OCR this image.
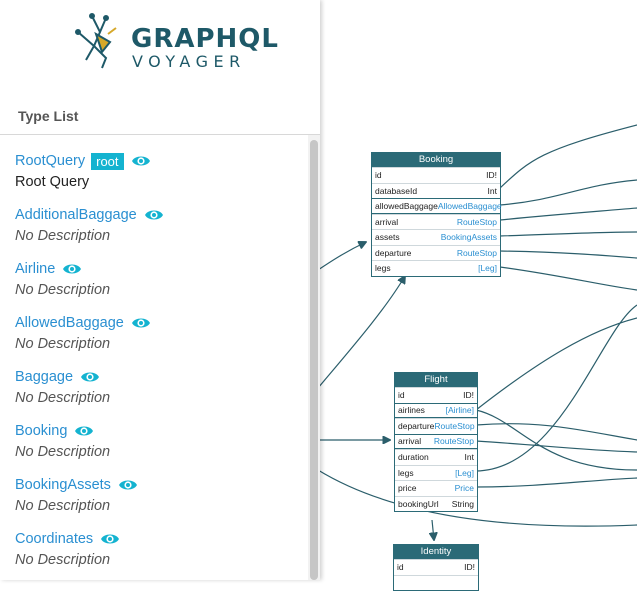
Booking
id	ID!
databaseId	Int
allowedBaggage AllowedBaggage
arrival	RouteStop
assets	BookingAssets
departure	RouteStop
legs	[Leg]
Flight
id	ID!
airlines [Airline]
departure RouteStop
arrival RouteStop
duration	Int
legs	[Leg]
price	Price
bookingUrl String
Identity
id	ID!
GRAPHQL
VOYAGER
Type List
RootQuery root
Root Query
AdditionalBaggage
No Description
Airline
No Description
AllowedBaggage
No Description
Baggage
No Description
Booking
No Description
BookingAssets
No Description
Coordinates
No Description
